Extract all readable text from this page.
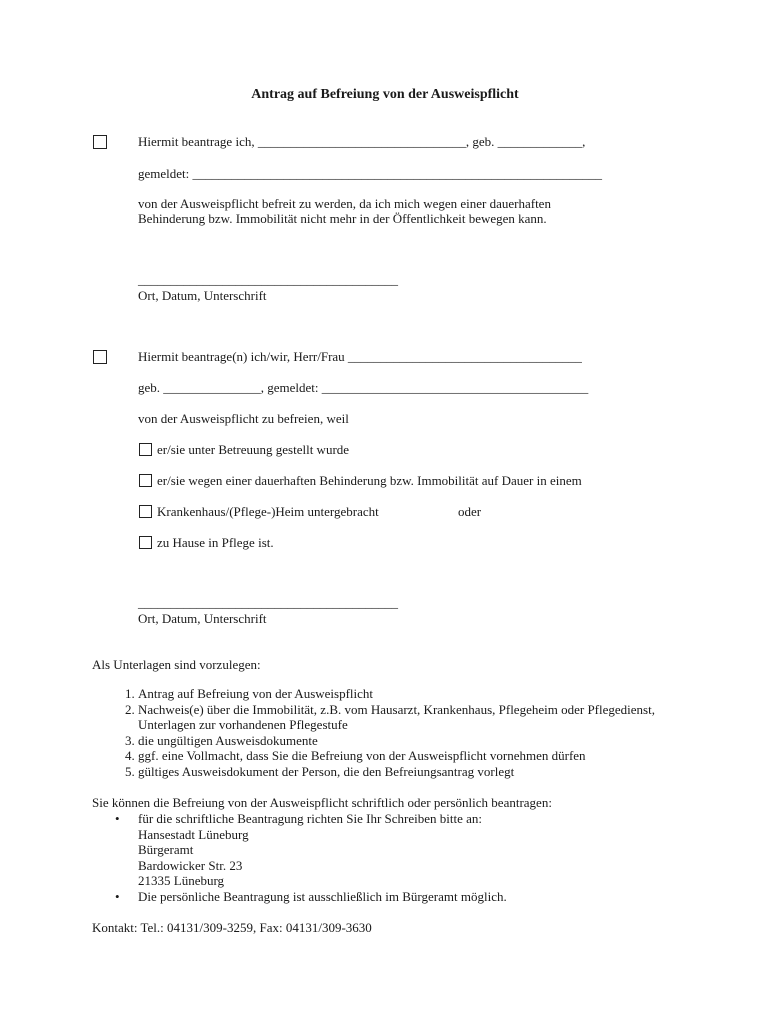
Antrag auf Befreiung von der Ausweispflicht
Hiermit beantrage ich, ________________________________, geb. _____________,
gemeldet: _______________________________________________________________
von der Ausweispflicht befreit zu werden, da ich mich wegen einer dauerhaften
Behinderung bzw. Immobilität nicht mehr in der Öffentlichkeit bewegen kann.
________________________________________
Ort, Datum, Unterschrift
Hiermit beantrage(n) ich/wir, Herr/Frau ____________________________________
geb. _______________, gemeldet: _________________________________________
von der Ausweispflicht zu befreien, weil
er/sie unter Betreuung gestellt wurde
er/sie wegen einer dauerhaften Behinderung bzw. Immobilität auf Dauer in einem
Krankenhaus/(Pflege-)Heim untergebracht	oder
zu Hause in Pflege ist.
________________________________________
Ort, Datum, Unterschrift
Als Unterlagen sind vorzulegen:
1. Antrag auf Befreiung von der Ausweispflicht
2. Nachweis(e) über die Immobilität, z.B. vom Hausarzt, Krankenhaus, Pflegeheim oder Pflegedienst, Unterlagen zur vorhandenen Pflegestufe
3. die ungültigen Ausweisdokumente
4. ggf. eine Vollmacht, dass Sie die Befreiung von der Ausweispflicht vornehmen dürfen
5. gültiges Ausweisdokument der Person, die den Befreiungsantrag vorlegt
Sie können die Befreiung von der Ausweispflicht schriftlich oder persönlich beantragen:
• für die schriftliche Beantragung richten Sie Ihr Schreiben bitte an:
Hansestadt Lüneburg
Bürgeramt
Bardowicker Str. 23
21335 Lüneburg
• Die persönliche Beantragung ist ausschließlich im Bürgeramt möglich.
Kontakt: Tel.: 04131/309-3259, Fax: 04131/309-3630
